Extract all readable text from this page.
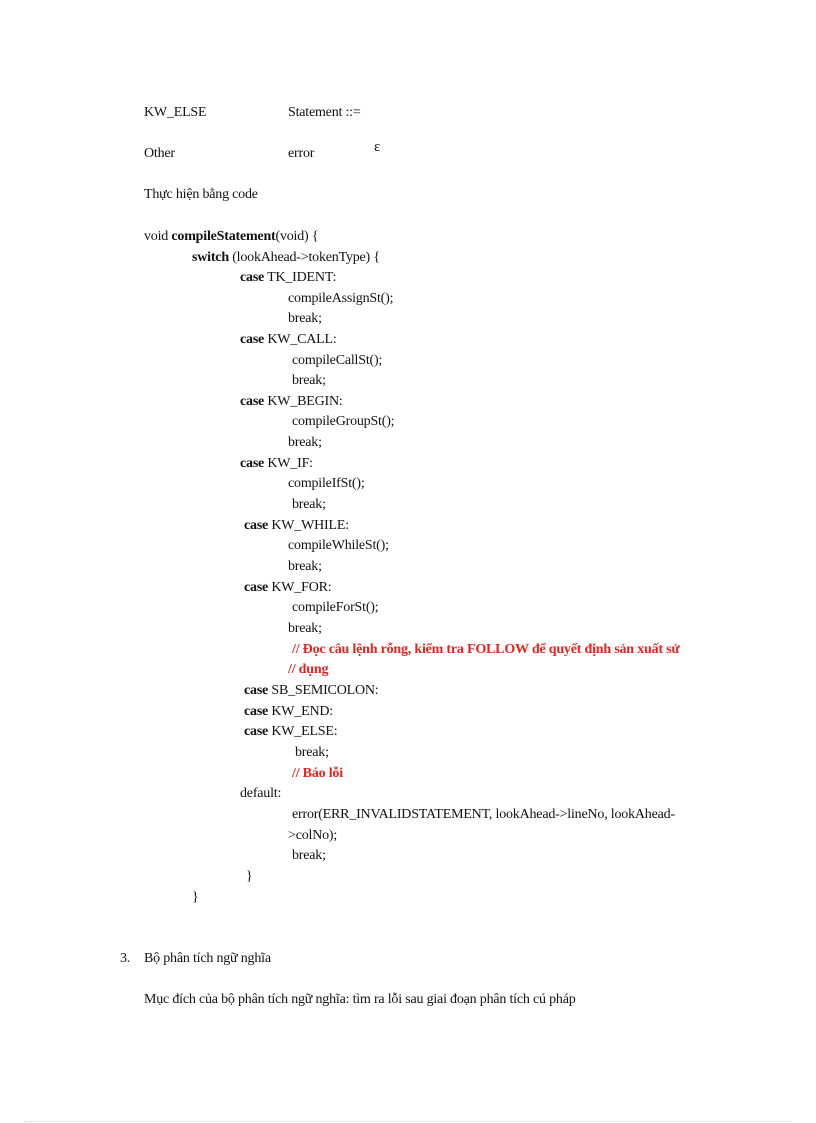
KW_ELSE	Statement ::=
ε
Other	error
Thực hiện bằng code
void compileStatement(void) {
switch (lookAhead->tokenType) {
case TK_IDENT:
compileAssignSt();
break;
case KW_CALL:
compileCallSt();
break;
case KW_BEGIN:
compileGroupSt();
break;
case KW_IF:
compileIfSt();
break;
case KW_WHILE:
compileWhileSt();
break;
case KW_FOR:
compileForSt();
break;
// Đọc câu lệnh rỗng, kiểm tra FOLLOW để quyết định sản xuất sử
// dụng
case SB_SEMICOLON:
case KW_END:
case KW_ELSE:
break;
// Báo lỗi
default:
error(ERR_INVALIDSTATEMENT, lookAhead->lineNo, lookAhead-
>colNo);
break;
}
}
3. Bộ phân tích ngữ nghĩa
Mục đích của bộ phân tích ngữ nghĩa: tìm ra lỗi sau giai đoạn phân tích cú pháp
